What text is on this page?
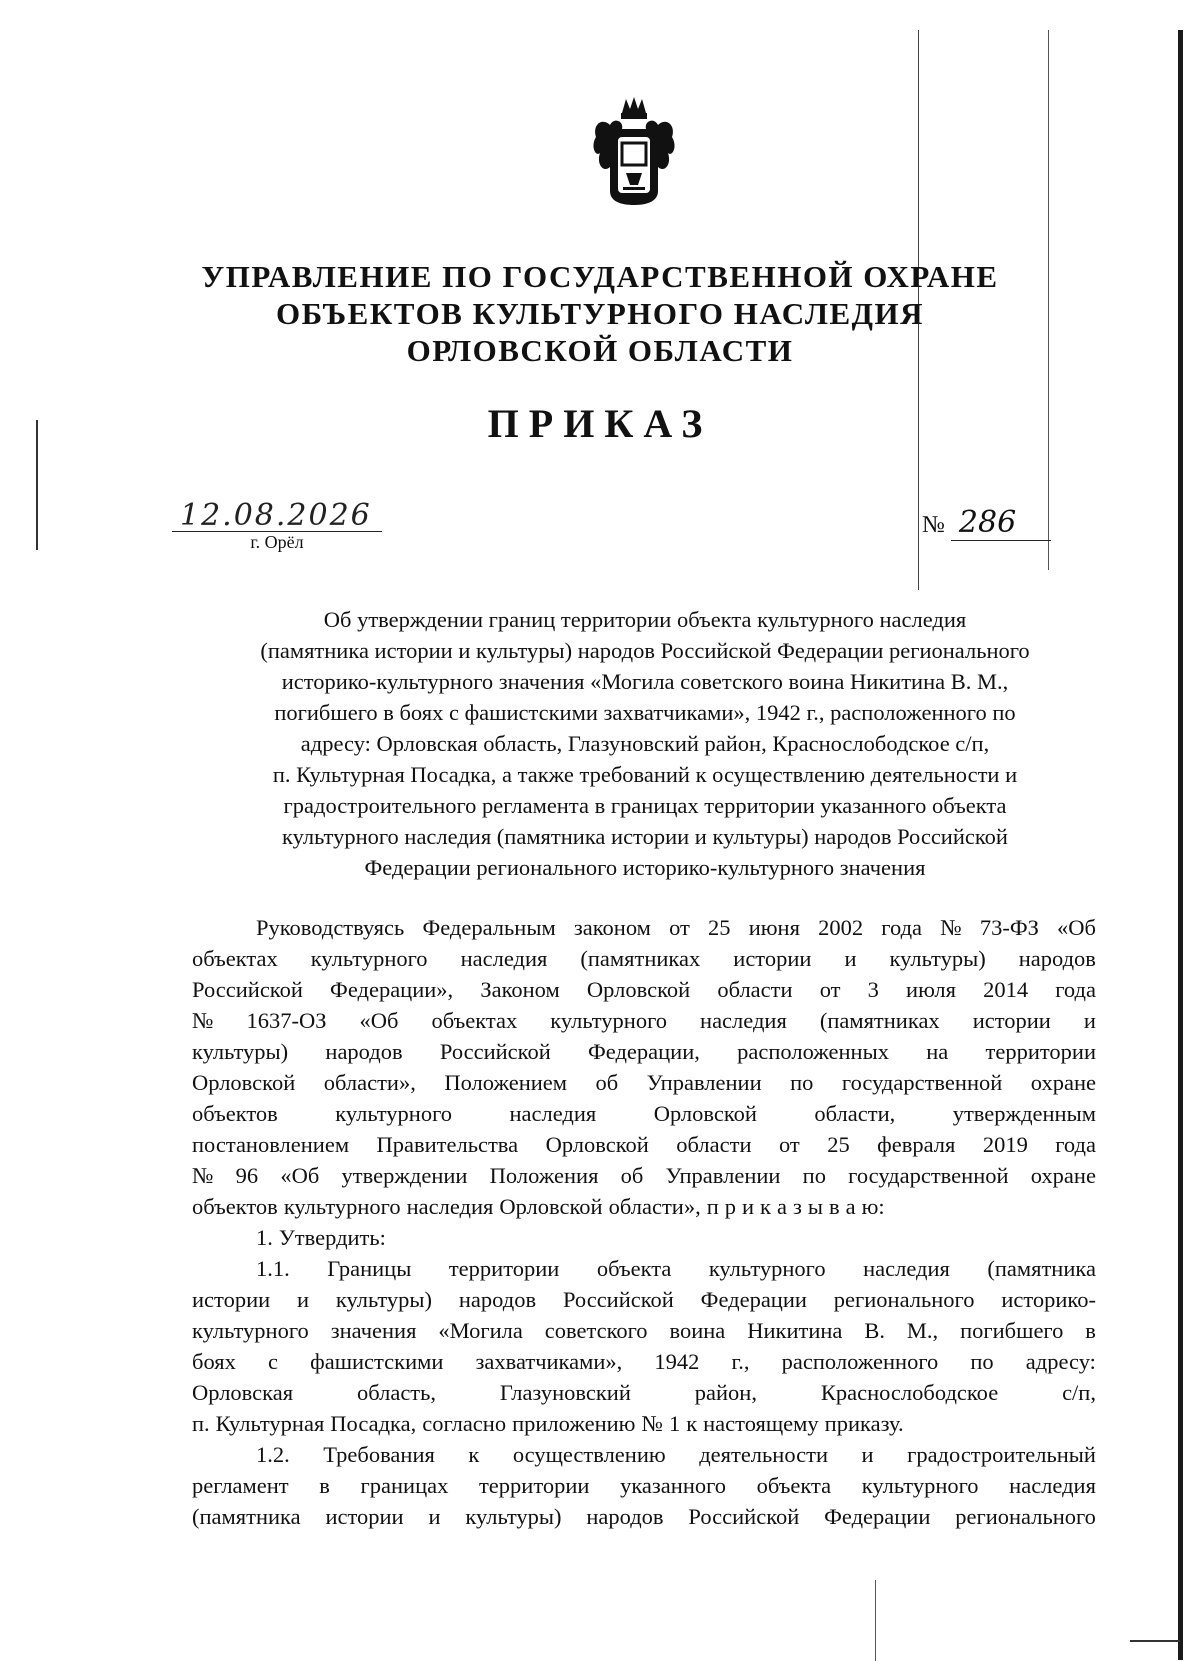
УПРАВЛЕНИЕ ПО ГОСУДАРСТВЕННОЙ ОХРАНЕ
ОБЪЕКТОВ КУЛЬТУРНОГО НАСЛЕДИЯ
ОРЛОВСКОЙ ОБЛАСТИ
ПРИКАЗ
12.08.2026
г. Орёл
№ 286
Об утверждении границ территории объекта культурного наследия
(памятника истории и культуры) народов Российской Федерации регионального
историко-культурного значения «Могила советского воина Никитина В. М.,
погибшего в боях с фашистскими захватчиками», 1942 г., расположенного по
адресу: Орловская область, Глазуновский район, Краснослободское с/п,
п. Культурная Посадка, а также требований к осуществлению деятельности и
градостроительного регламента в границах территории указанного объекта
культурного наследия (памятника истории и культуры) народов Российской
Федерации регионального историко-культурного значения
Руководствуясь Федеральным законом от 25 июня 2002 года № 73-ФЗ «Об
объектах культурного наследия (памятниках истории и культуры) народов
Российской Федерации», Законом Орловской области от 3 июля 2014 года
№ 1637-ОЗ «Об объектах культурного наследия (памятниках истории и
культуры) народов Российской Федерации, расположенных на территории
Орловской области», Положением об Управлении по государственной охране
объектов	культурного	наследия	Орловской	области,	утвержденным
постановлением Правительства Орловской области от 25 февраля 2019 года
№ 96 «Об утверждении Положения об Управлении по государственной охране
объектов культурного наследия Орловской области», п р и к а з ы в а ю:
1. Утвердить:
1.1. Границы территории объекта культурного наследия (памятника
истории и культуры) народов Российской Федерации регионального историко-
культурного значения «Могила советского воина Никитина В. М., погибшего в
боях с фашистскими захватчиками», 1942 г., расположенного по адресу:
Орловская	область,	Глазуновский	район,	Краснослободское	с/п,
п. Культурная Посадка, согласно приложению № 1 к настоящему приказу.
1.2. Требования к осуществлению деятельности и градостроительный
регламент в границах территории указанного объекта культурного наследия
(памятника истории и культуры) народов Российской Федерации регионального
